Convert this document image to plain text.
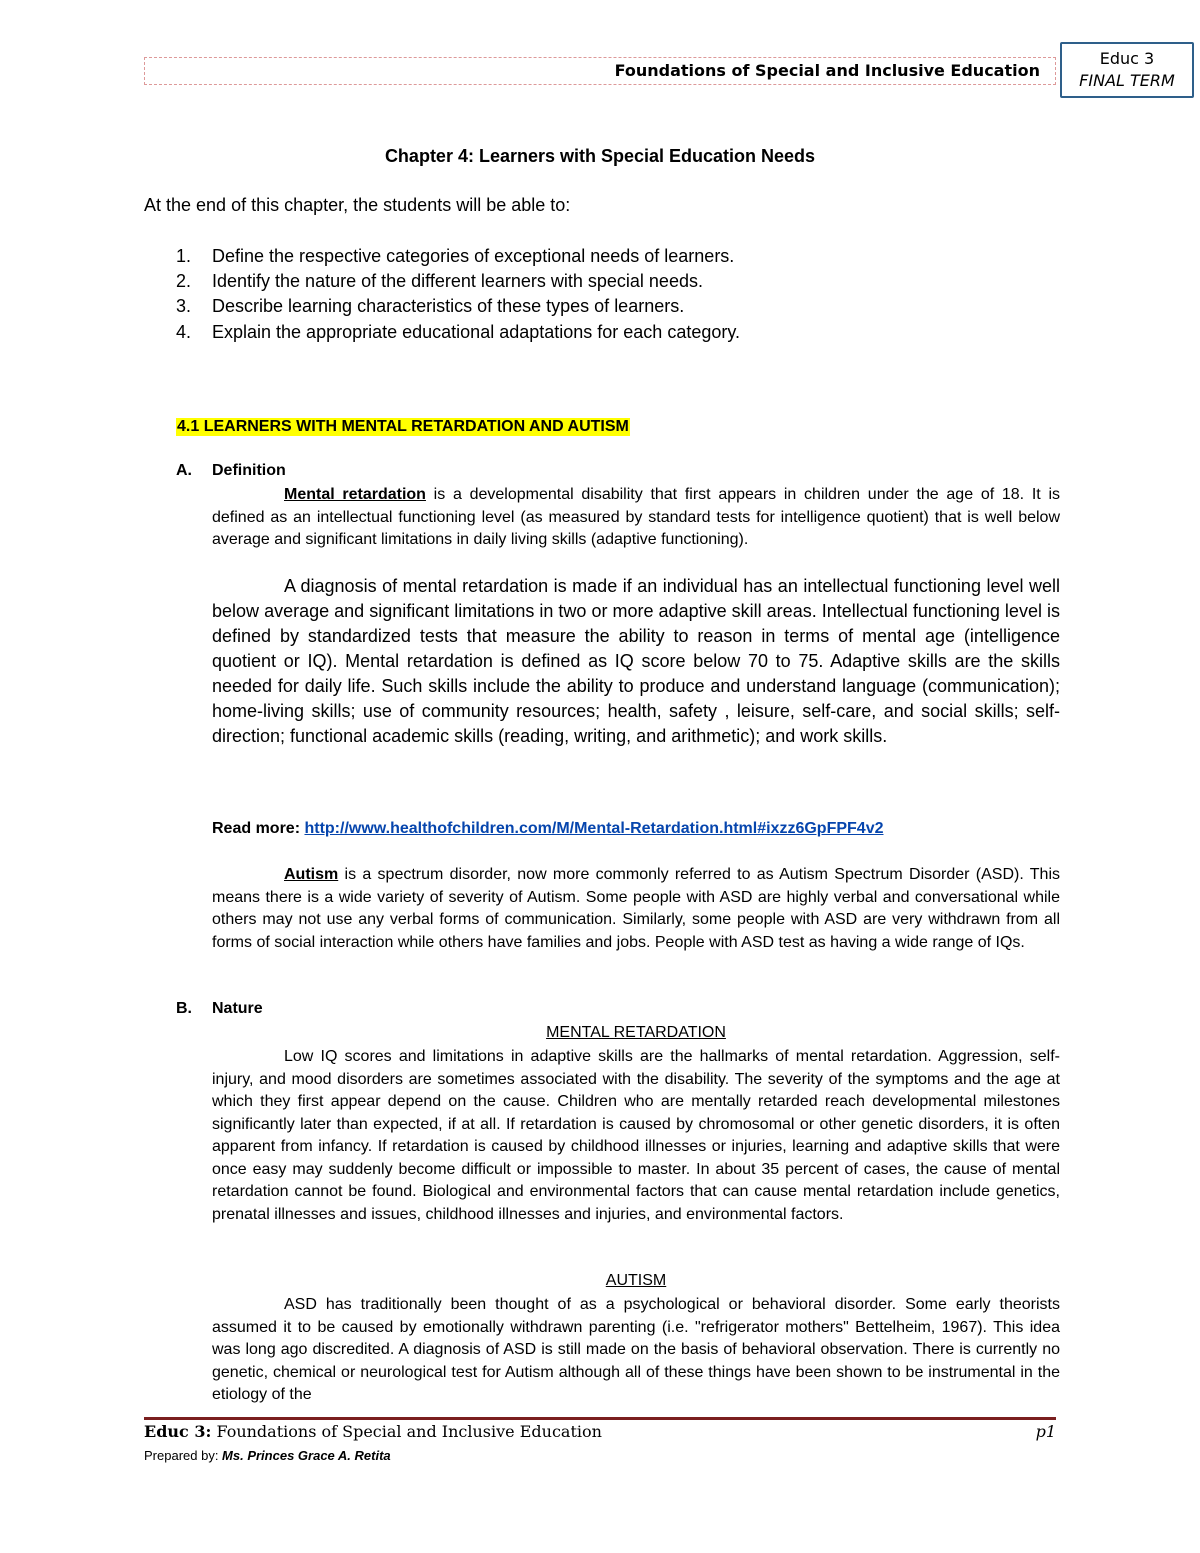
Foundations of Special and Inclusive Education
Educ 3
FINAL TERM
Chapter 4: Learners with Special Education Needs
At the end of this chapter, the students will be able to:
1. Define the respective categories of exceptional needs of learners.
2. Identify the nature of the different learners with special needs.
3. Describe learning characteristics of these types of learners.
4. Explain the appropriate educational adaptations for each category.
4.1 LEARNERS WITH MENTAL RETARDATION AND AUTISM
A. Definition
Mental retardation is a developmental disability that first appears in children under the age of 18. It is defined as an intellectual functioning level (as measured by standard tests for intelligence quotient) that is well below average and significant limitations in daily living skills (adaptive functioning).
A diagnosis of mental retardation is made if an individual has an intellectual functioning level well below average and significant limitations in two or more adaptive skill areas. Intellectual functioning level is defined by standardized tests that measure the ability to reason in terms of mental age (intelligence quotient or IQ). Mental retardation is defined as IQ score below 70 to 75. Adaptive skills are the skills needed for daily life. Such skills include the ability to produce and understand language (communication); home-living skills; use of community resources; health, safety , leisure, self-care, and social skills; self-direction; functional academic skills (reading, writing, and arithmetic); and work skills.
Read more: http://www.healthofchildren.com/M/Mental-Retardation.html#ixzz6GpFPF4v2
Autism is a spectrum disorder, now more commonly referred to as Autism Spectrum Disorder (ASD). This means there is a wide variety of severity of Autism. Some people with ASD are highly verbal and conversational while others may not use any verbal forms of communication. Similarly, some people with ASD are very withdrawn from all forms of social interaction while others have families and jobs. People with ASD test as having a wide range of IQs.
B. Nature
MENTAL RETARDATION
Low IQ scores and limitations in adaptive skills are the hallmarks of mental retardation. Aggression, self-injury, and mood disorders are sometimes associated with the disability. The severity of the symptoms and the age at which they first appear depend on the cause. Children who are mentally retarded reach developmental milestones significantly later than expected, if at all. If retardation is caused by chromosomal or other genetic disorders, it is often apparent from infancy. If retardation is caused by childhood illnesses or injuries, learning and adaptive skills that were once easy may suddenly become difficult or impossible to master. In about 35 percent of cases, the cause of mental retardation cannot be found. Biological and environmental factors that can cause mental retardation include genetics, prenatal illnesses and issues, childhood illnesses and injuries, and environmental factors.
AUTISM
ASD has traditionally been thought of as a psychological or behavioral disorder. Some early theorists assumed it to be caused by emotionally withdrawn parenting (i.e. "refrigerator mothers" Bettelheim, 1967). This idea was long ago discredited. A diagnosis of ASD is still made on the basis of behavioral observation. There is currently no genetic, chemical or neurological test for Autism although all of these things have been shown to be instrumental in the etiology of the
Educ 3: Foundations of Special and Inclusive Education	p1
Prepared by: Ms. Princes Grace A. Retita
